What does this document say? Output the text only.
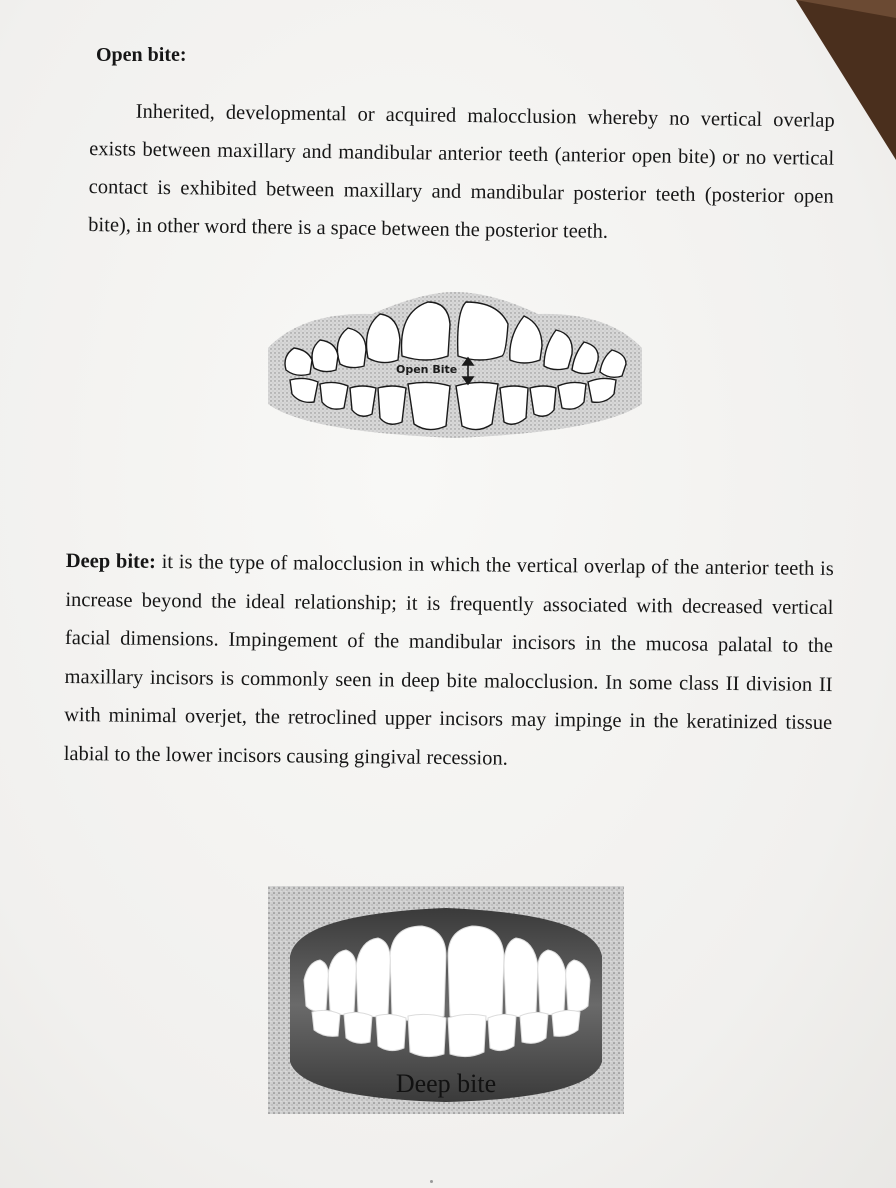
Open bite:

Inherited, developmental or acquired malocclusion whereby no vertical overlap exists between maxillary and mandibular anterior teeth (anterior open bite) or no vertical contact is exhibited between maxillary and mandibular posterior teeth (posterior open bite), in other word there is a space between the posterior teeth.

Open Bite

Deep bite: it is the type of malocclusion in which the vertical overlap of the anterior teeth is increase beyond the ideal relationship; it is frequently associated with decreased vertical facial dimensions. Impingement of the mandibular incisors in the mucosa palatal to the maxillary incisors is commonly seen in deep bite malocclusion. In some class II division II with minimal overjet, the retroclined upper incisors may impinge in the keratinized tissue labial to the lower incisors causing gingival recession.

Deep bite
